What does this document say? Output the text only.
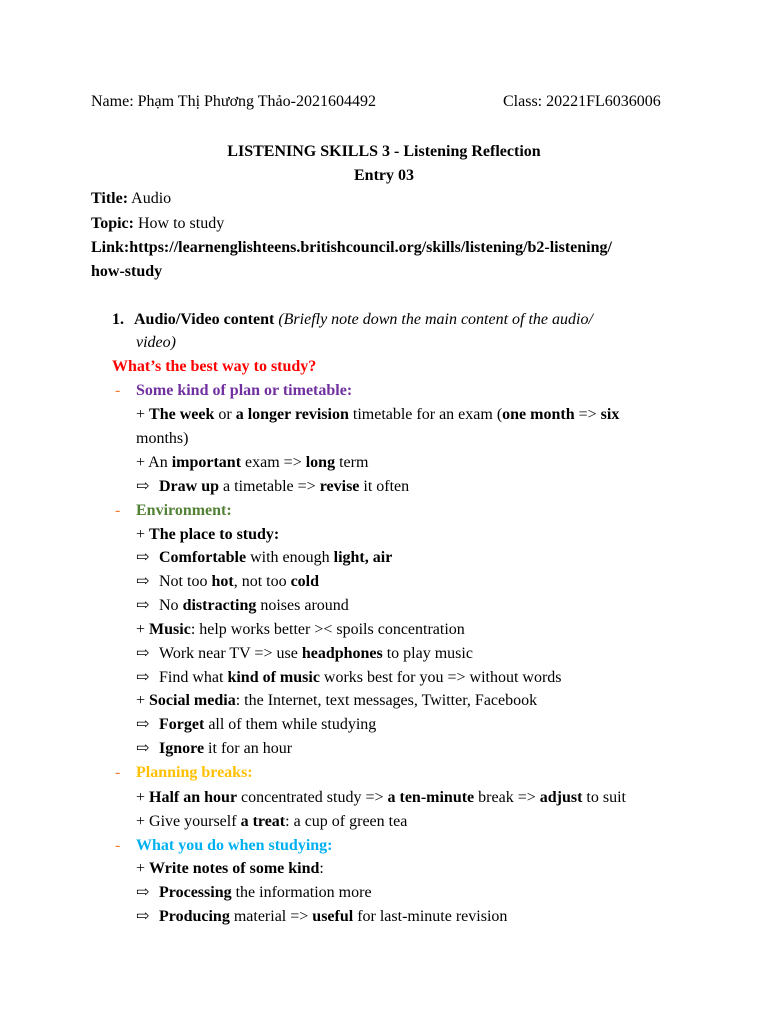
Name: Phạm Thị Phương Thảo-2021604492	Class: 20221FL6036006
LISTENING SKILLS 3 - Listening Reflection
Entry 03
Title: Audio
Topic: How to study
Link:https://learnenglishteens.britishcouncil.org/skills/listening/b2-listening/
how-study
1. Audio/Video content (Briefly note down the main content of the audio/
video)
What’s the best way to study?
- Some kind of plan or timetable:
+ The week or a longer revision timetable for an exam (one month => six
months)
+ An important exam => long term
⇨ Draw up a timetable => revise it often
- Environment:
+ The place to study:
⇨ Comfortable with enough light, air
⇨ Not too hot, not too cold
⇨ No distracting noises around
+ Music: help works better >< spoils concentration
⇨ Work near TV => use headphones to play music
⇨ Find what kind of music works best for you => without words
+ Social media: the Internet, text messages, Twitter, Facebook
⇨ Forget all of them while studying
⇨ Ignore it for an hour
- Planning breaks:
+ Half an hour concentrated study => a ten-minute break => adjust to suit
+ Give yourself a treat: a cup of green tea
- What you do when studying:
+ Write notes of some kind:
⇨ Processing the information more
⇨ Producing material => useful for last-minute revision
